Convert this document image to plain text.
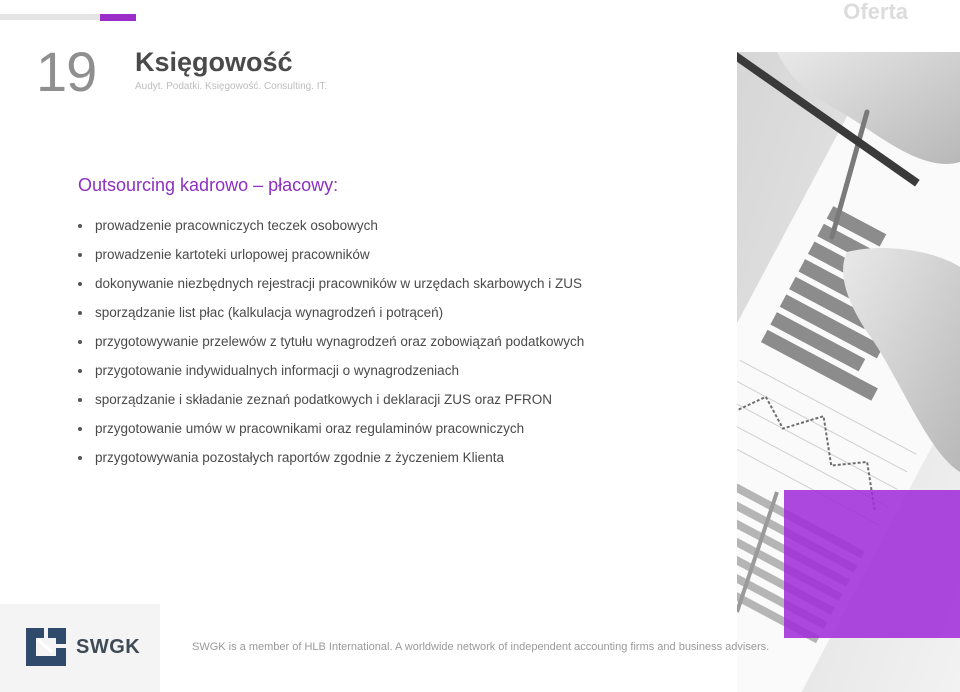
Oferta
19 Księgowość
Audyt. Podatki. Księgowość. Consulting. IT.
Outsourcing kadrowo – płacowy:
prowadzenie pracowniczych teczek osobowych
prowadzenie kartoteki urlopowej pracowników
dokonywanie niezbędnych rejestracji pracowników w urzędach skarbowych i ZUS
sporządzanie list płac (kalkulacja wynagrodzeń i potrąceń)
przygotowywanie przelewów z tytułu wynagrodzeń oraz zobowiązań podatkowych
przygotowanie indywidualnych informacji o wynagrodzeniach
sporządzanie i składanie zeznań podatkowych i deklaracji ZUS oraz PFRON
przygotowanie umów w pracownikami oraz regulaminów pracowniczych
przygotowywania pozostałych raportów zgodnie z życzeniem Klienta
SWGK	SWGK is a member of HLB International. A worldwide network of independent accounting firms and business advisers.
